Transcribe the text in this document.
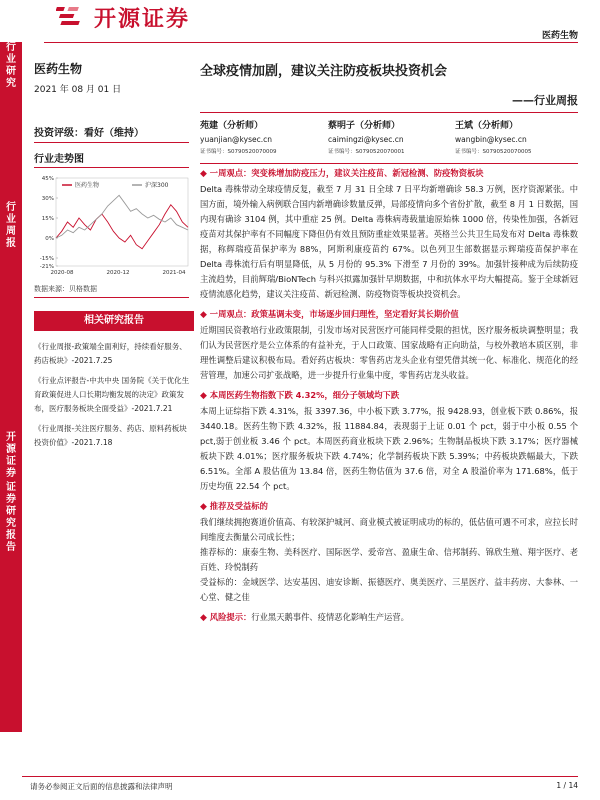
开源证券
医药生物
行业研究
行业周报
开源证券
证券研究报告
医药生物
2021 年 08 月 01 日
投资评级：看好（维持）
行业走势图
45%
30%
15%
0%
-15%
-21%
2020-08	2020-12	2021-04
医药生物	沪深300
数据来源：贝格数据
相关研究报告
《行业周报-政策端全面利好，持续看好服务、药店板块》-2021.7.25
《行业点评报告-中共中央 国务院《关于优化生育政策促进人口长期均衡发展的决定》政策发布，医疗服务板块全面受益》-2021.7.21
《行业周报-关注医疗服务、药店、原料药板块投资价值》-2021.7.18
全球疫情加剧，建议关注防疫板块投资机会
——行业周报
苑建（分析师）
yuanjian@kysec.cn
证书编号：S0790520070009
蔡明子（分析师）
caimingzi@kysec.cn
证书编号：S0790520070001
王斌（分析师）
wangbin@kysec.cn
证书编号：S0790520070005

◆ 一周观点：突变株增加防疫压力，建议关注疫苗、新冠检测、防疫物资板块

Delta 毒株带动全球疫情反复，截至 7 月 31 日全球 7 日平均新增确诊 58.3 万例，医疗资源紧张。中国方面，境外输入病例联合国内新增确诊数量反弹，局部疫情向多个省份扩散，截至 8 月 1 日数据，国内现有确诊 3104 例，其中重症 25 例。Delta 毒株病毒载量逾原始株 1000 倍，传染性加强，各新冠疫苗对其保护率有不同幅度下降但仍有效且预防重症效果显著。英格兰公共卫生局发布对 Delta 毒株数据，称辉瑞疫苗保护率为 88%，阿斯利康疫苗约 67%。以色列卫生部数据显示辉瑞疫苗保护率在 Delta 毒株流行后有明显降低，从 5 月份的 95.3% 下滑至 7 月份的 39%。加强针接种成为后续防疫主流趋势，目前辉瑞/BioNTech 与科兴拟露加强针早期数据，中和抗体水平均大幅提高。鉴于全球新冠疫情流感化趋势，建议关注疫苗、新冠检测、防疫物资等板块投资机会。

◆ 一周观点：政策基调未变，市场逐步回归理性，坚定看好其长期价值

近期国民资教培行业政策限制，引发市场对民营医疗可能同样受限的担忧，医疗服务板块调整明显；我们认为民营医疗是公立体系的有益补充，于人口政策、国家战略有正向助益，与校外教培本质区别，非理性调整后建议积极布局。看好药店板块：零售药店龙头企业有望凭借其统一化、标准化、规范化的经营管理，加速公司扩张战略，进一步提升行业集中度，零售药店龙头收益。

◆ 本周医药生物指数下跌 4.32%，细分子领域均下跌

本周上证综指下跌 4.31%，报 3397.36，中小板下跌 3.77%，报 9428.93，创业板下跌 0.86%，报 3440.18。医药生物下跌 4.32%，报 11884.84，表现弱于上证 0.01 个 pct，弱于中小板 0.55 个 pct,弱于创业板 3.46 个 pct。本周医药商业板块下跌 2.96%；生物制品板块下跌 3.17%；医疗器械板块下跌 4.01%；医疗服务板块下跌 4.74%；化学制药板块下跌 5.39%；中药板块跌幅最大，下跌 6.51%。全部 A 股估值为 13.84 倍，医药生物估值为 37.6 倍，对全 A 股溢价率为 171.68%，低于历史均值 22.54 个 pct。

◆ 推荐及受益标的

我们继续拥抱赛道价值高、有较深护城河、商业模式被证明成功的标的，低估值可遇不可求，应拉长时间维度去衡量公司成长性；

推荐标的：康泰生物、美科医疗、国际医学、爱帝宫、盈康生命、信邦制药、锦欣生殖、翔宇医疗、老百姓、玲悦制药

受益标的：金域医学、达安基因、迪安诊断、振德医疗、奥美医疗、三星医疗、益丰药房、大参林、一心堂、健之佳

◆ 风险提示：行业黑天鹅事件、疫情恶化影响生产运营。

请务必参阅正文后面的信息披露和法律声明	1 / 14
